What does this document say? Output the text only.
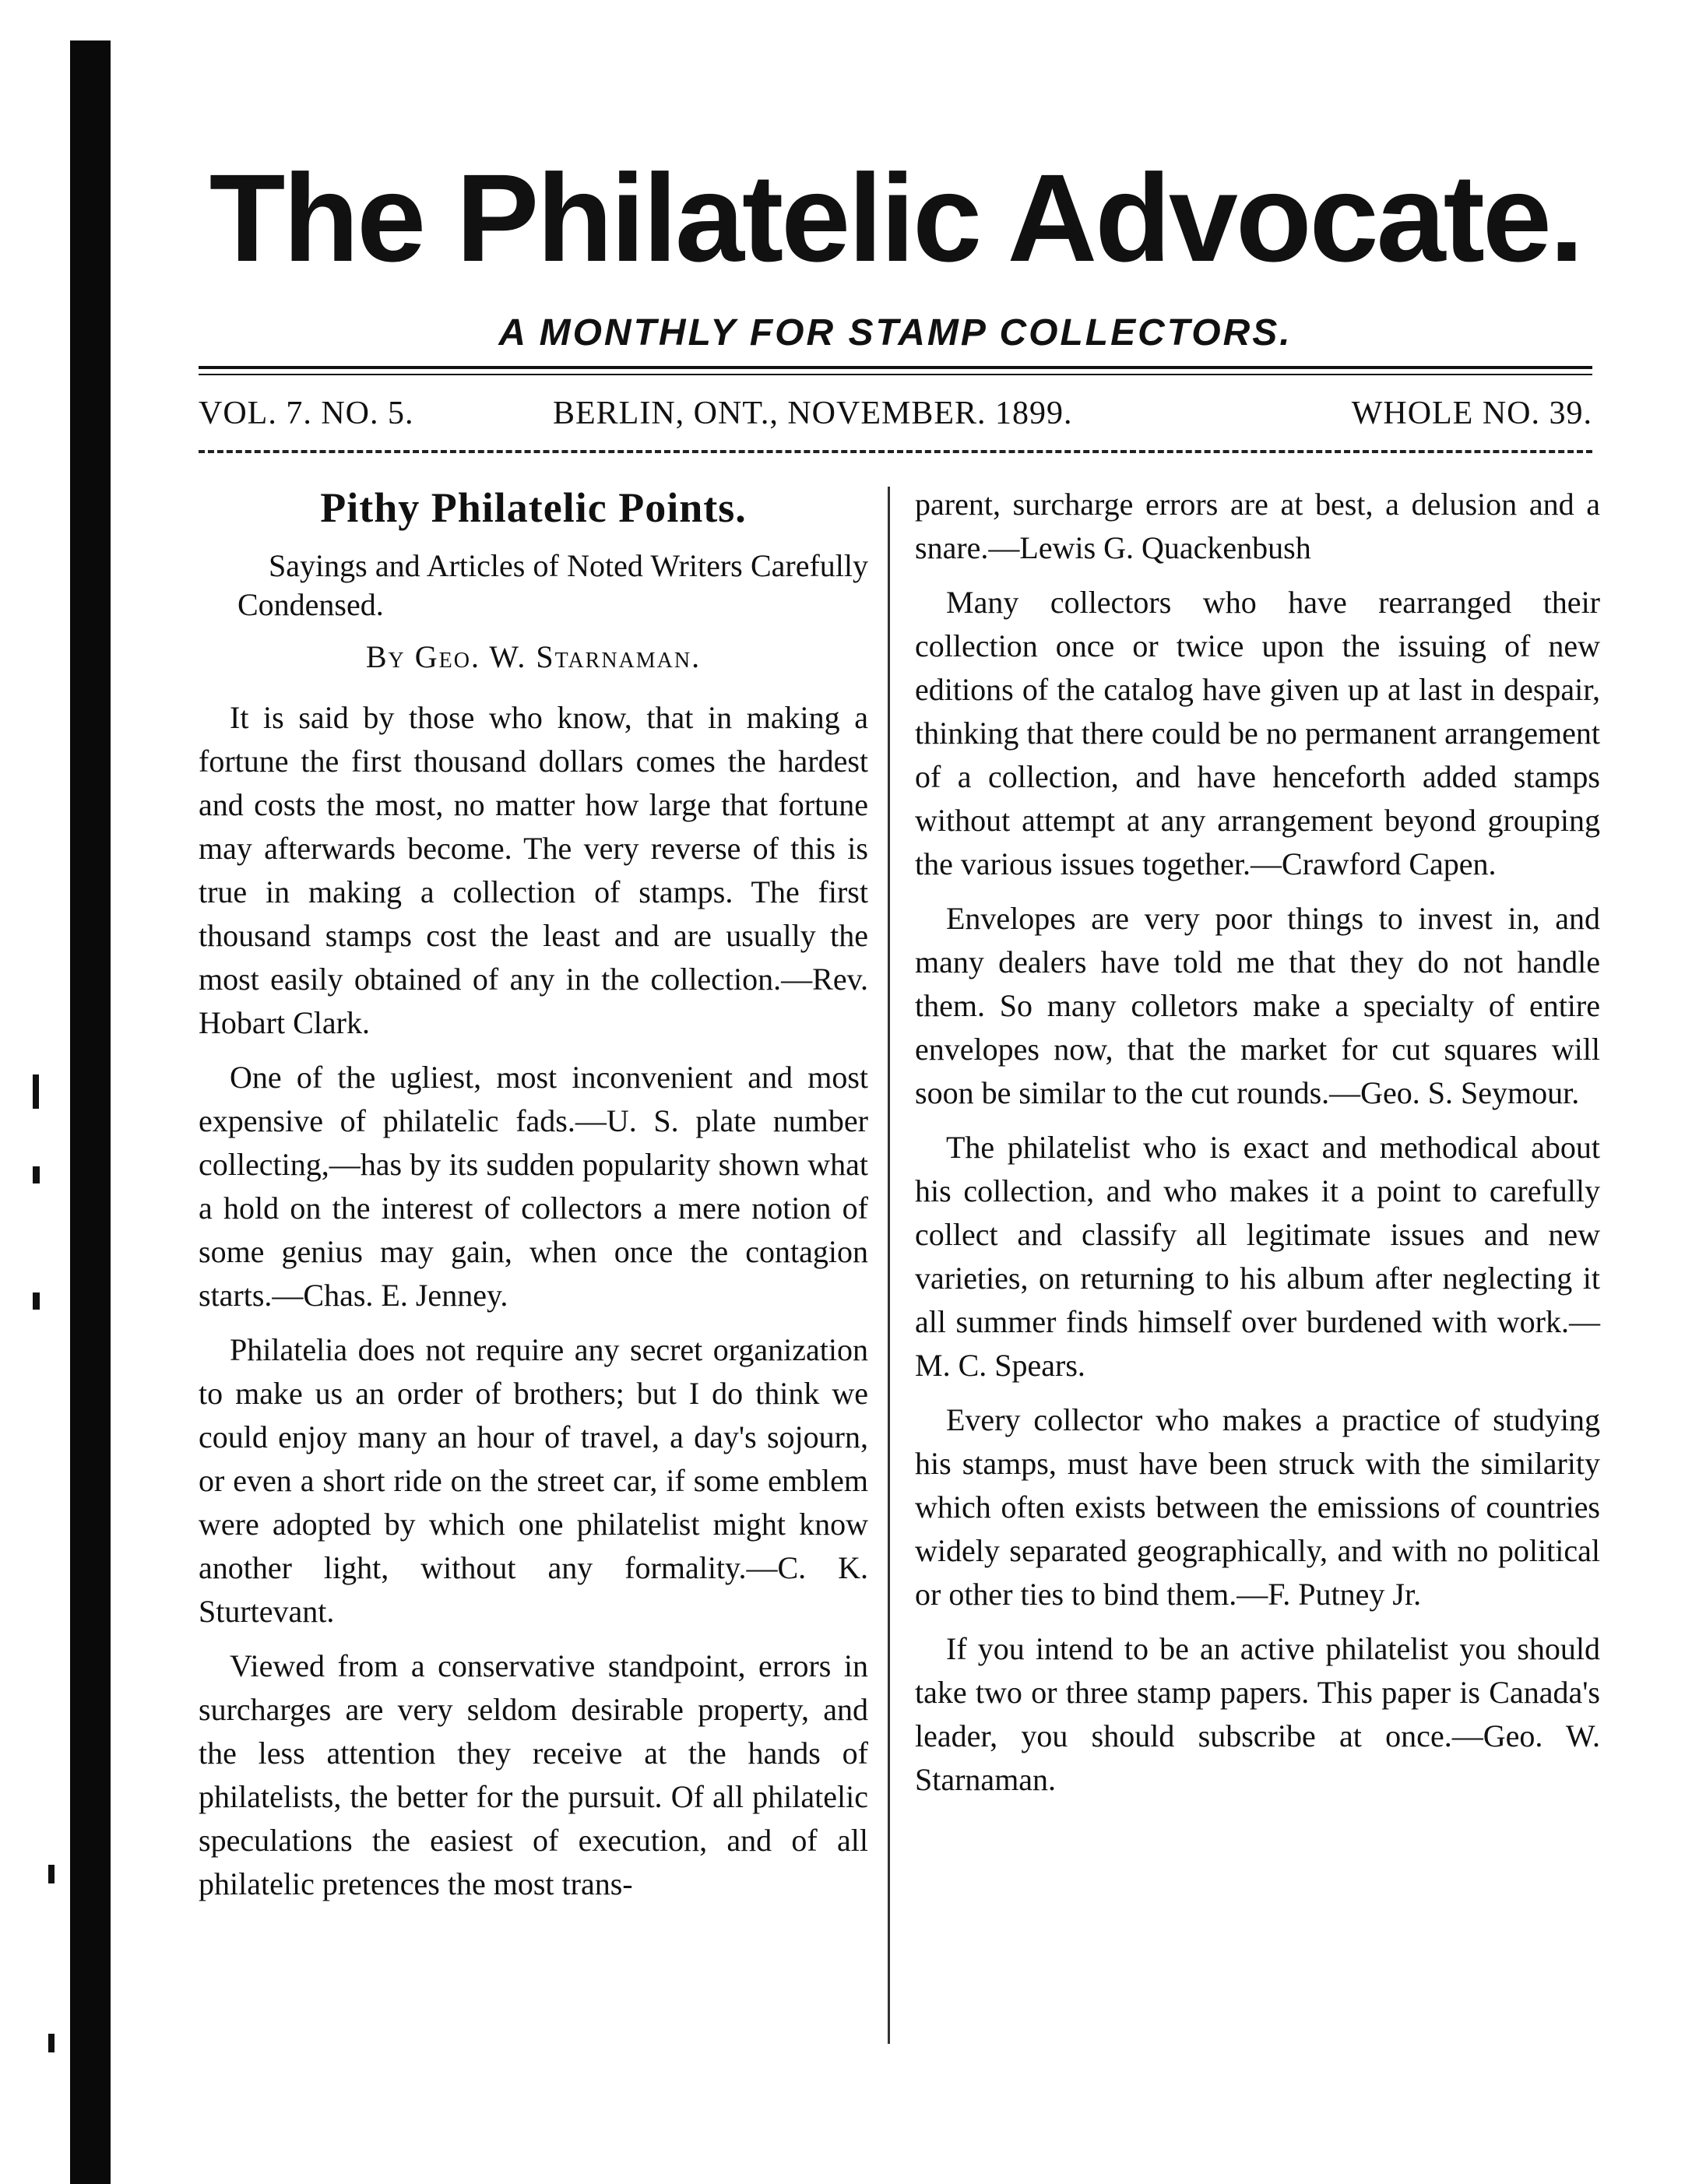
The Philatelic Advocate.
A MONTHLY FOR STAMP COLLECTORS.
VOL. 7. NO. 5.	BERLIN, ONT., NOVEMBER. 1899.	WHOLE NO. 39.
Pithy Philatelic Points.

Sayings and Articles of Noted Writers Carefully Condensed.

By Geo. W. Starnaman.

It is said by those who know, that in making a fortune the first thousand dollars comes the hardest and costs the most, no matter how large that fortune may afterwards become. The very reverse of this is true in making a collection of stamps. The first thousand stamps cost the least and are usually the most easily obtained of any in the collection.—Rev. Hobart Clark.

One of the ugliest, most inconvenient and most expensive of philatelic fads.—U. S. plate number collecting,—has by its sudden popularity shown what a hold on the interest of collectors a mere notion of some genius may gain, when once the contagion starts.—Chas. E. Jenney.

Philatelia does not require any secret organization to make us an order of brothers; but I do think we could enjoy many an hour of travel, a day's sojourn, or even a short ride on the street car, if some emblem were adopted by which one philatelist might know another light, without any formality.—C. K. Sturtevant.

Viewed from a conservative standpoint, errors in surcharges are very seldom desirable property, and the less attention they receive at the hands of philatelists, the better for the pursuit. Of all philatelic speculations the easiest of execution, and of all philatelic pretences the most trans-

parent, surcharge errors are at best, a delusion and a snare.—Lewis G. Quackenbush

Many collectors who have rearranged their collection once or twice upon the issuing of new editions of the catalog have given up at last in despair, thinking that there could be no permanent arrangement of a collection, and have henceforth added stamps without attempt at any arrangement beyond grouping the various issues together.—Crawford Capen.

Envelopes are very poor things to invest in, and many dealers have told me that they do not handle them. So many colletors make a specialty of entire envelopes now, that the market for cut squares will soon be similar to the cut rounds.—Geo. S. Seymour.

The philatelist who is exact and methodical about his collection, and who makes it a point to carefully collect and classify all legitimate issues and new varieties, on returning to his album after neglecting it all summer finds himself over burdened with work.—M. C. Spears.

Every collector who makes a practice of studying his stamps, must have been struck with the similarity which often exists between the emissions of countries widely separated geographically, and with no political or other ties to bind them.—F. Putney Jr.

If you intend to be an active philatelist you should take two or three stamp papers. This paper is Canada's leader, you should subscribe at once.—Geo. W. Starnaman.
